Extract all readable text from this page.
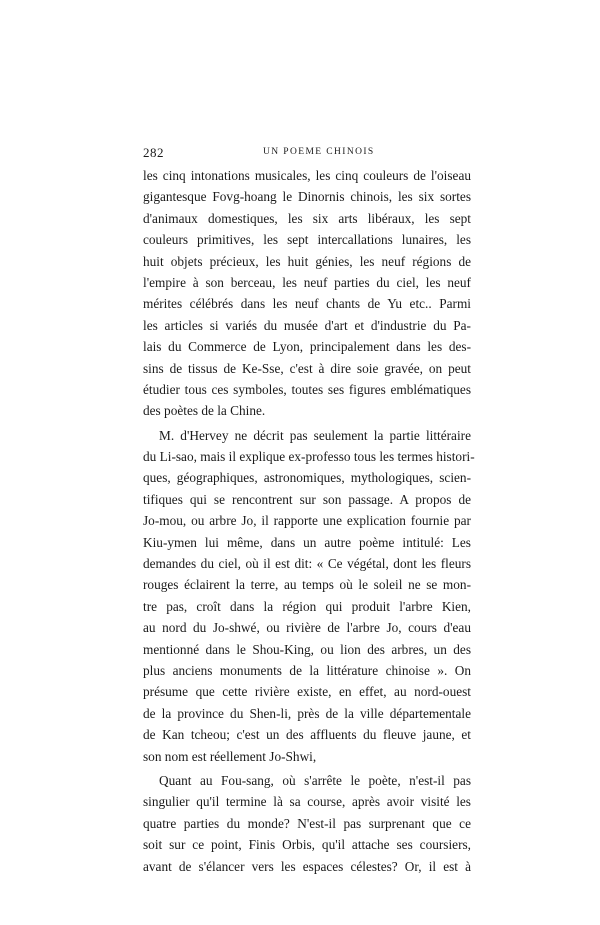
282	UN POEME CHINOIS
les cinq intonations musicales, les cinq couleurs de l'oiseau
gigantesque Fovg-hoang le Dinornis chinois, les six sortes
d'animaux domestiques, les six arts libéraux, les sept
couleurs primitives, les sept intercallations lunaires, les
huit objets précieux, les huit génies, les neuf régions de
l'empire à son berceau, les neuf parties du ciel, les neuf
mérites célébrés dans les neuf chants de Yu etc.. Parmi
les articles si variés du musée d'art et d'industrie du Pa-
lais du Commerce de Lyon, principalement dans les des-
sins de tissus de Ke-Sse, c'est à dire soie gravée, on peut
étudier tous ces symboles, toutes ses figures emblématiques
des poètes de la Chine.
M. d'Hervey ne décrit pas seulement la partie littéraire
du Li-sao, mais il explique ex-professo tous les termes histori-
ques, géographiques, astronomiques, mythologiques, scien-
tifiques qui se rencontrent sur son passage. A propos de
Jo-mou, ou arbre Jo, il rapporte une explication fournie par
Kiu-ymen lui même, dans un autre poème intitulé: Les
demandes du ciel, où il est dit: « Ce végétal, dont les fleurs
rouges éclairent la terre, au temps où le soleil ne se mon-
tre pas, croît dans la région qui produit l'arbre Kien,
au nord du Jo-shwé, ou rivière de l'arbre Jo, cours d'eau
mentionné dans le Shou-King, ou lion des arbres, un des
plus anciens monuments de la littérature chinoise ». On
présume que cette rivière existe, en effet, au nord-ouest
de la province du Shen-li, près de la ville départementale
de Kan tcheou; c'est un des affluents du fleuve jaune, et
son nom est réellement Jo-Shwi,
Quant au Fou-sang, où s'arrête le poète, n'est-il pas
singulier qu'il termine là sa course, après avoir visité les
quatre parties du monde? N'est-il pas surprenant que ce
soit sur ce point, Finis Orbis, qu'il attache ses coursiers,
avant de s'élancer vers les espaces célestes? Or, il est à
